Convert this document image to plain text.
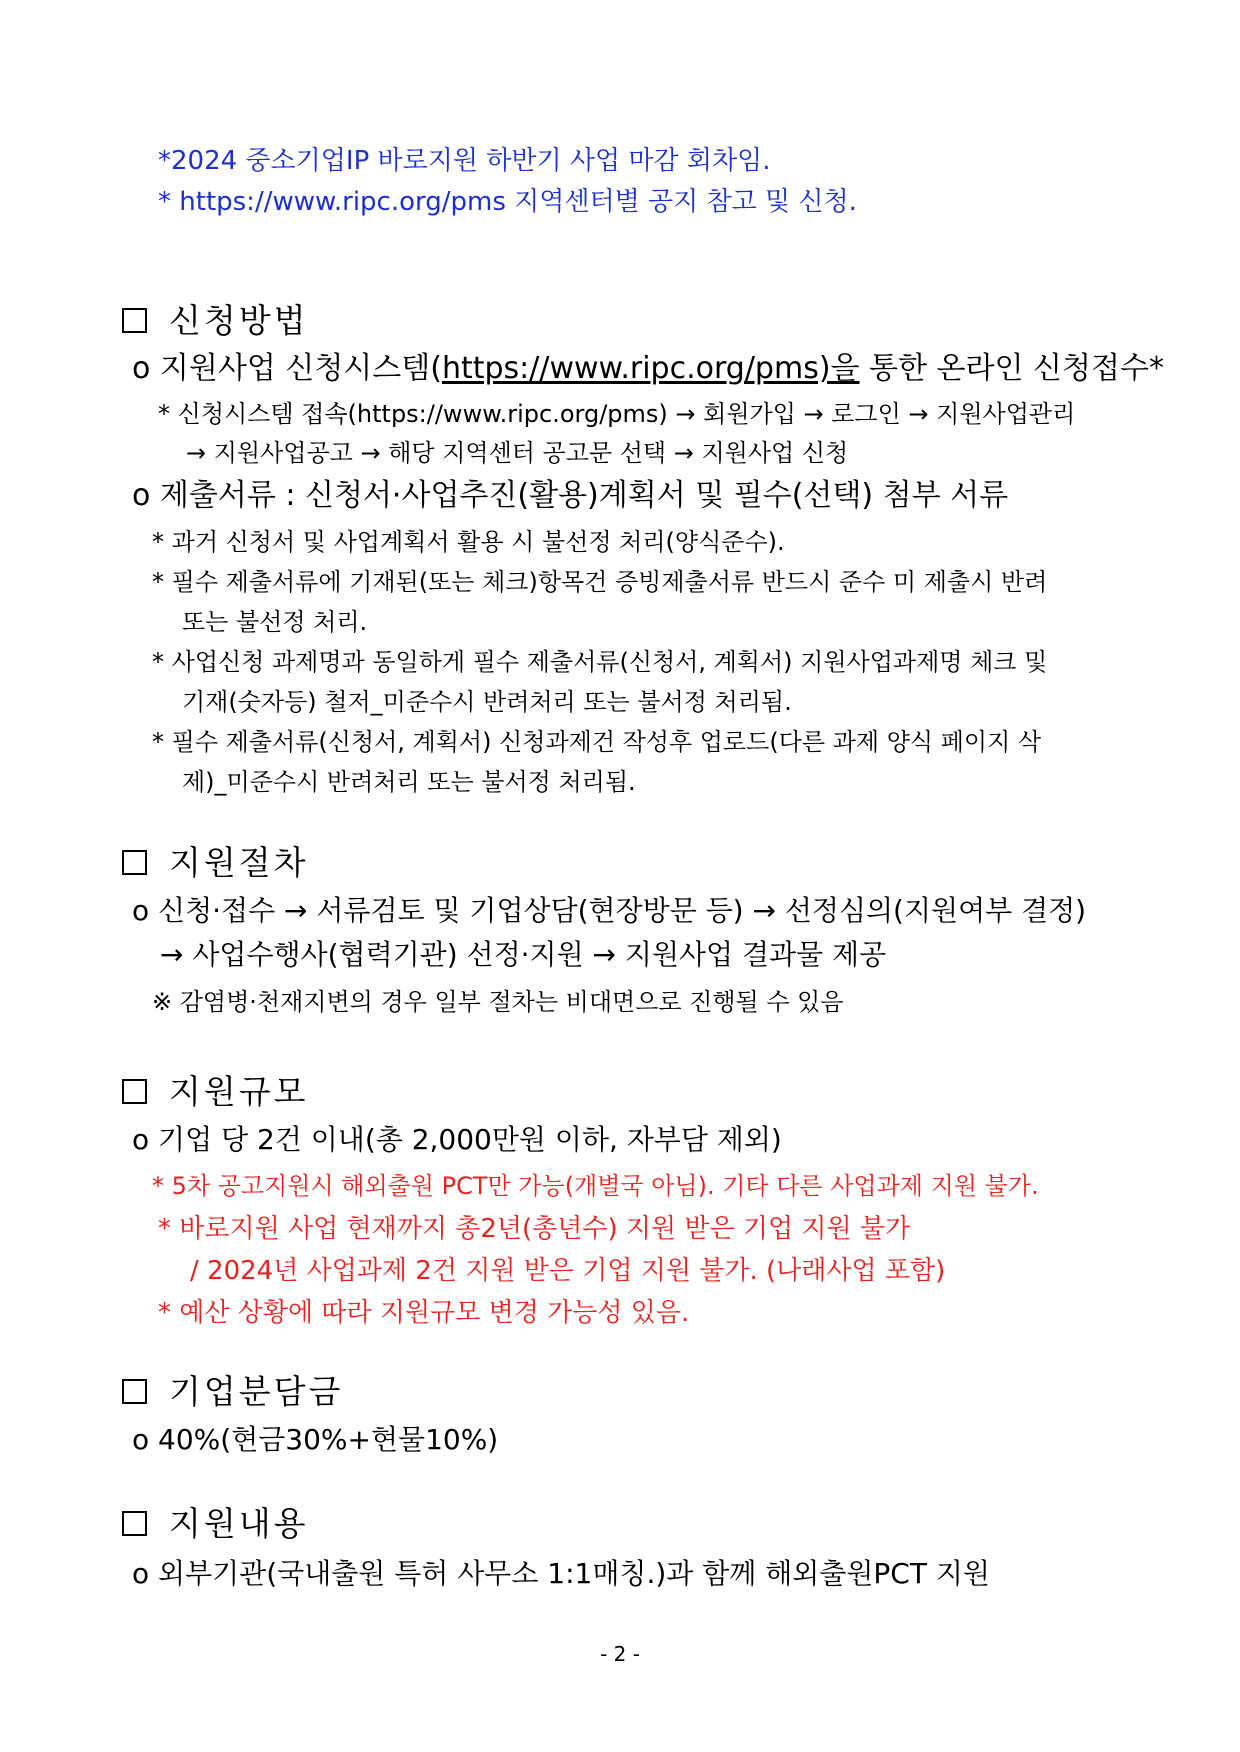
*2024 중소기업IP 바로지원 하반기 사업 마감 회차임.
* https://www.ripc.org/pms 지역센터별 공지 참고 및 신청.
신청방법
o 지원사업 신청시스템(https://www.ripc.org/pms)을 통한 온라인 신청접수*
* 신청시스템 접속(https://www.ripc.org/pms) → 회원가입 → 로그인 → 지원사업관리
→ 지원사업공고 → 해당 지역센터 공고문 선택 → 지원사업 신청
o 제출서류 : 신청서·사업추진(활용)계획서 및 필수(선택) 첨부 서류
* 과거 신청서 및 사업계획서 활용 시 불선정 처리(양식준수).
* 필수 제출서류에 기재된(또는 체크)항목건 증빙제출서류 반드시 준수 미 제출시 반려
또는 불선정 처리.
* 사업신청 과제명과 동일하게 필수 제출서류(신청서, 계획서) 지원사업과제명 체크 및
기재(숫자등) 철저_미준수시 반려처리 또는 불서정 처리됨.
* 필수 제출서류(신청서, 계획서) 신청과제건 작성후 업로드(다른 과제 양식 페이지 삭
제)_미준수시 반려처리 또는 불서정 처리됨.
지원절차
o 신청·접수 → 서류검토 및 기업상담(현장방문 등) → 선정심의(지원여부 결정)
→ 사업수행사(협력기관) 선정·지원 → 지원사업 결과물 제공
※ 감염병·천재지변의 경우 일부 절차는 비대면으로 진행될 수 있음
지원규모
o 기업 당 2건 이내(총 2,000만원 이하, 자부담 제외)
* 5차 공고지원시 해외출원 PCT만 가능(개별국 아님). 기타 다른 사업과제 지원 불가.
* 바로지원 사업 현재까지 총2년(총년수) 지원 받은 기업 지원 불가
/ 2024년 사업과제 2건 지원 받은 기업 지원 불가. (나래사업 포함)
* 예산 상황에 따라 지원규모 변경 가능성 있음.
기업분담금
o 40%(현금30%+현물10%)
지원내용
o 외부기관(국내출원 특허 사무소 1:1매칭.)과 함께 해외출원PCT 지원
- 2 -
